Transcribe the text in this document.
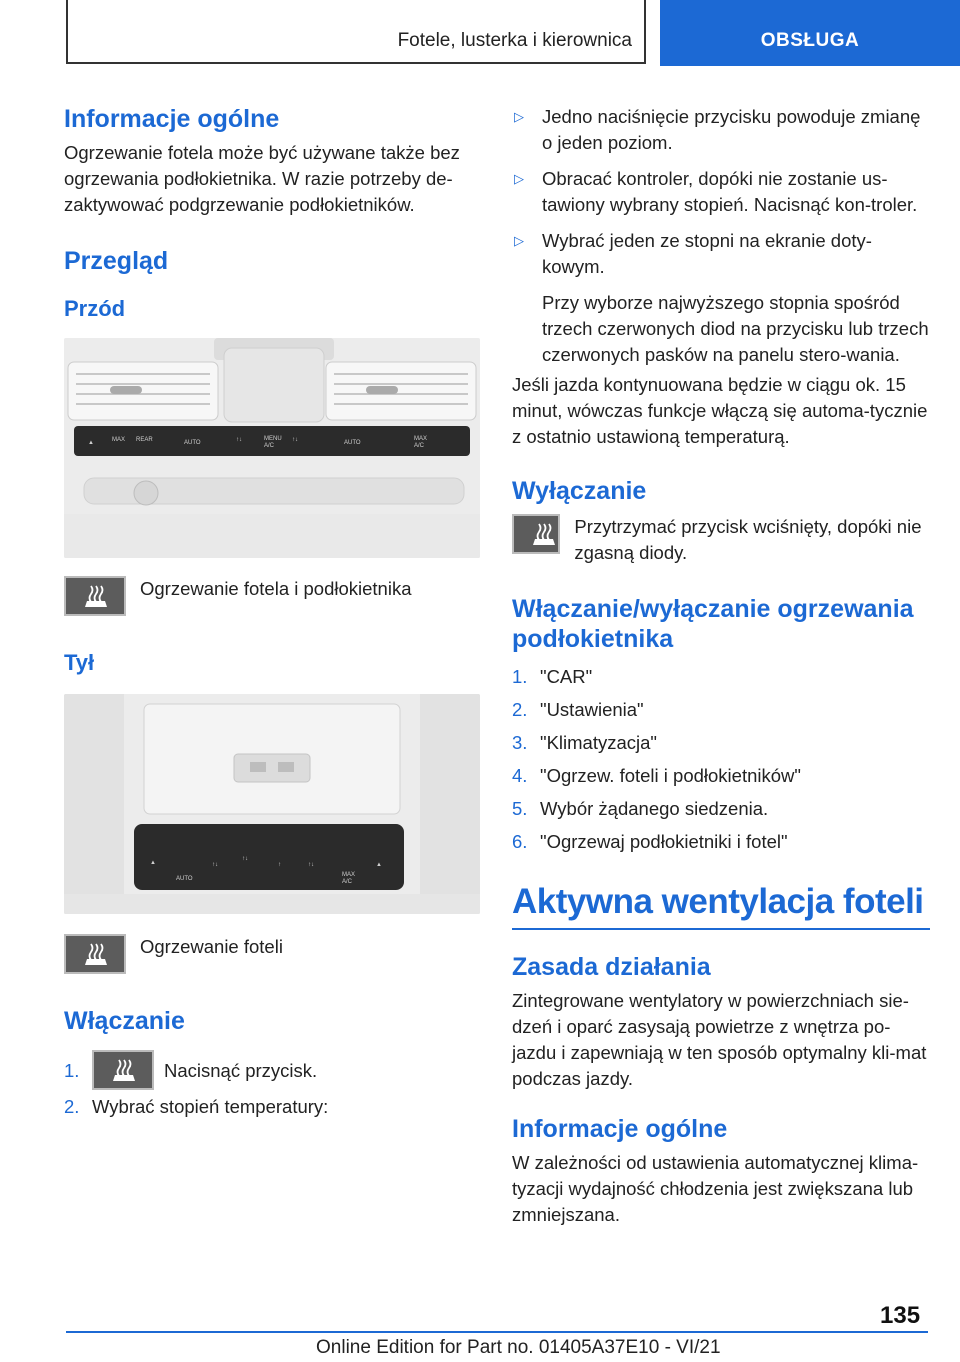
Fotele, lusterka i kierownica	OBSŁUGA
Informacje ogólne

Ogrzewanie fotela może być używane także bez ogrzewania podłokietnika. W razie potrzeby de-zaktywować podgrzewanie podłokietników.

Przegląd
Przód
▲	MAX REAR	AUTO	↑↓	MENU
A/C
↑↓	AUTO
MAX
A/C
Ogrzewanie fotela i podłokietnika
Tył
▲
AUTO
↑↓
↑↓
↑	↑↓
MAX
A/C
▲
Ogrzewanie foteli
Włączanie
1.	Nacisnąć przycisk.
2. Wybrać stopień temperatury:
▷ Jedno naciśnięcie przycisku powoduje zmianę o jeden poziom.
▷ Obracać kontroler, dopóki nie zostanie us-tawiony wybrany stopień. Nacisnąć kon-troler.
▷ Wybrać jeden ze stopni na ekranie doty-kowym.

Przy wyborze najwyższego stopnia spośród trzech czerwonych diod na przycisku lub trzech czerwonych pasków na panelu stero-wania.

Jeśli jazda kontynuowana będzie w ciągu ok. 15 minut, wówczas funkcje włączą się automa-tycznie z ostatnio ustawioną temperaturą.

Wyłączanie
Przytrzymać przycisk wciśnięty, dopóki nie zgasną diody.
Włączanie/wyłączanie ogrzewania podłokietnika
1. "CAR"
2. "Ustawienia"
3. "Klimatyzacja"
4. "Ogrzew. foteli i podłokietników"
5. Wybór żądanego siedzenia.
6. "Ogrzewaj podłokietniki i fotel"
Aktywna wentylacja foteli
Zasada działania

Zintegrowane wentylatory w powierzchniach sie-dzeń i oparć zasysają powietrze z wnętrza po-jazdu i zapewniają w ten sposób optymalny kli-mat podczas jazdy.

Informacje ogólne

W zależności od ustawienia automatycznej klima-tyzacji wydajność chłodzenia jest zwiększana lub zmniejszana.

135
Online Edition for Part no. 01405A37E10 - VI/21
